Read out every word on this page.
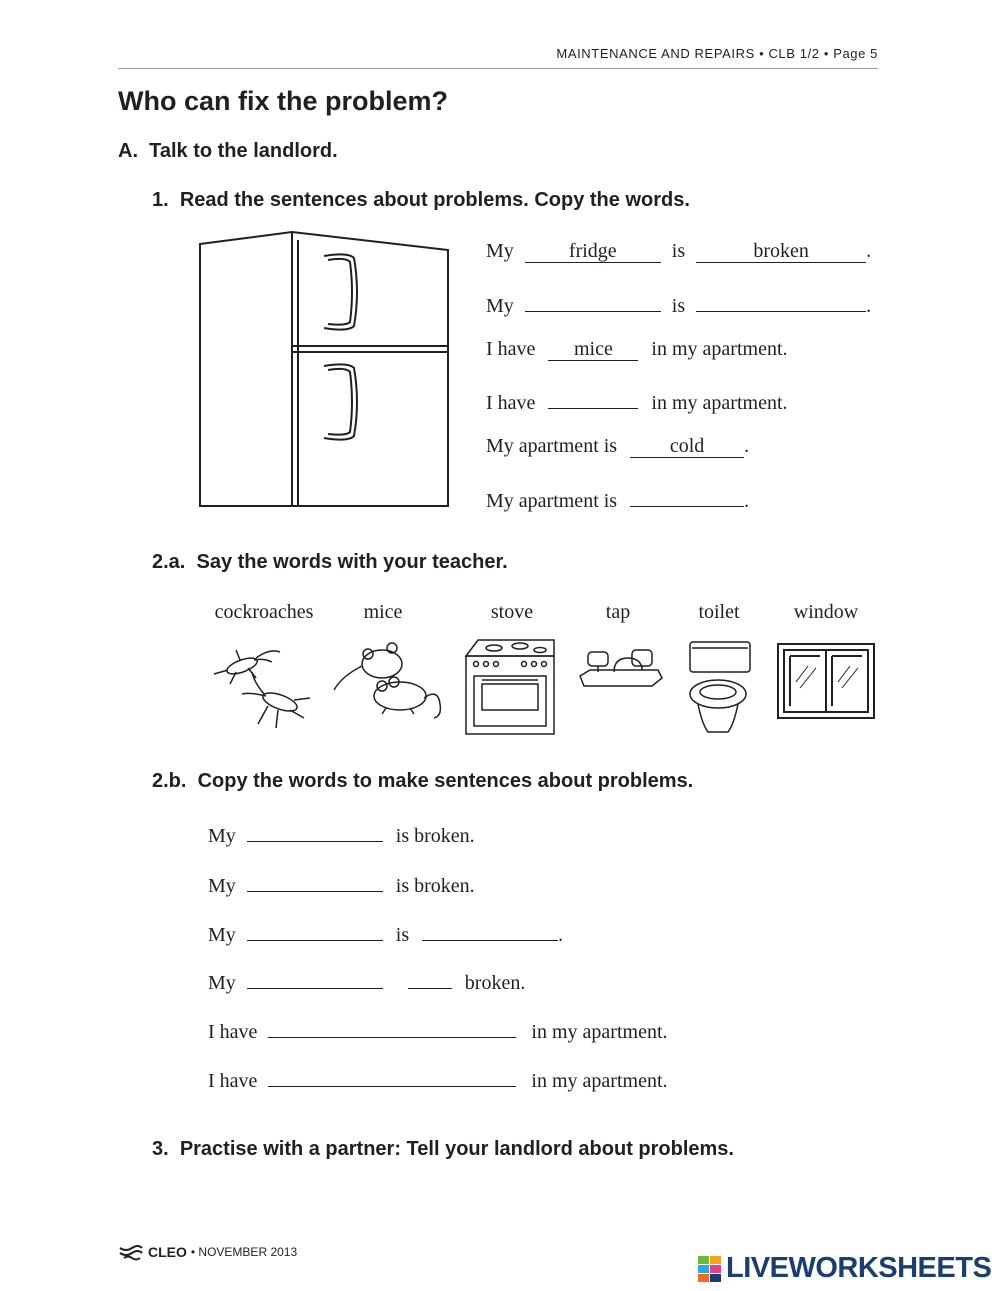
MAINTENANCE AND REPAIRS • CLB 1/2 • Page 5
Who can fix the problem?
A. Talk to the landlord.
1. Read the sentences about problems. Copy the words.
My	fridge	is	broken	.
My	is	.
I have mice in my apartment.
I have	in my apartment.
My apartment is	cold .
My apartment is	.
2.a. Say the words with your teacher.
cockroaches	mice	stove	tap	toilet	window
2.b. Copy the words to make sentences about problems.
My	is broken.
My	is broken.
My	is	.
My	broken.
I have	in my apartment.
I have	in my apartment.
3. Practise with a partner: Tell your landlord about problems.
CLEO • NOVEMBER 2013	LIVEWORKSHEETS
